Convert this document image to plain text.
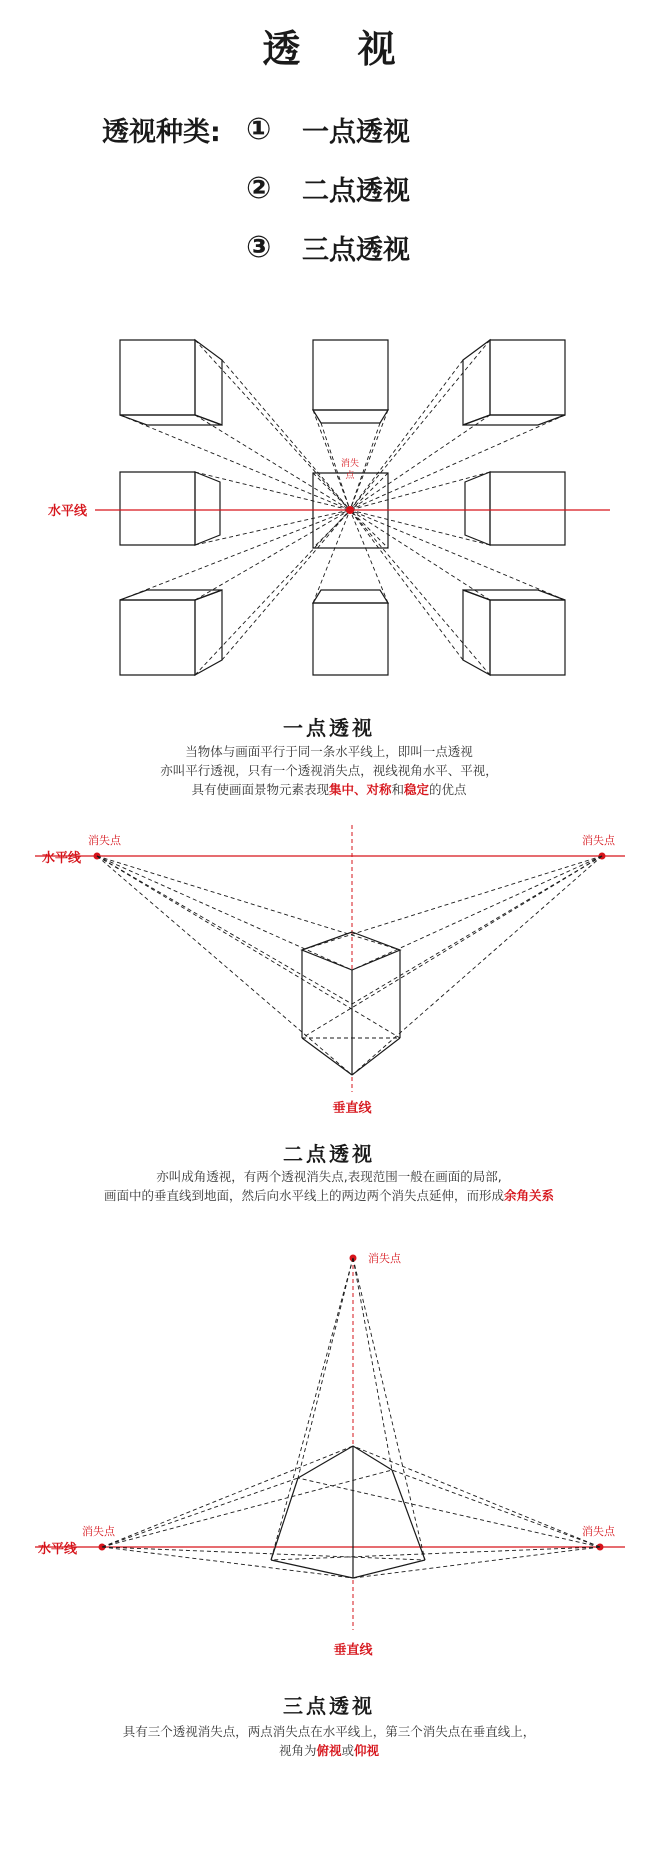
透 视
透视种类: ①	一点透视
②	二点透视
③	三点透视
水平线
消失
点
一点透视
当物体与画面平行于同一条水平线上，即叫一点透视
亦叫平行透视，只有一个透视消失点，视线视角水平、平视，
具有使画面景物元素表现集中、对称和稳定的优点
水平线
消失点	消失点
垂直线
二点透视
亦叫成角透视，有两个透视消失点,表现范围一般在画面的局部,
画面中的垂直线到地面，然后向水平线上的两边两个消失点延伸，而形成余角关系
消失点
消失点	消失点
水平线
垂直线
三点透视
具有三个透视消失点，两点消失点在水平线上，第三个消失点在垂直线上，
视角为俯视或仰视
